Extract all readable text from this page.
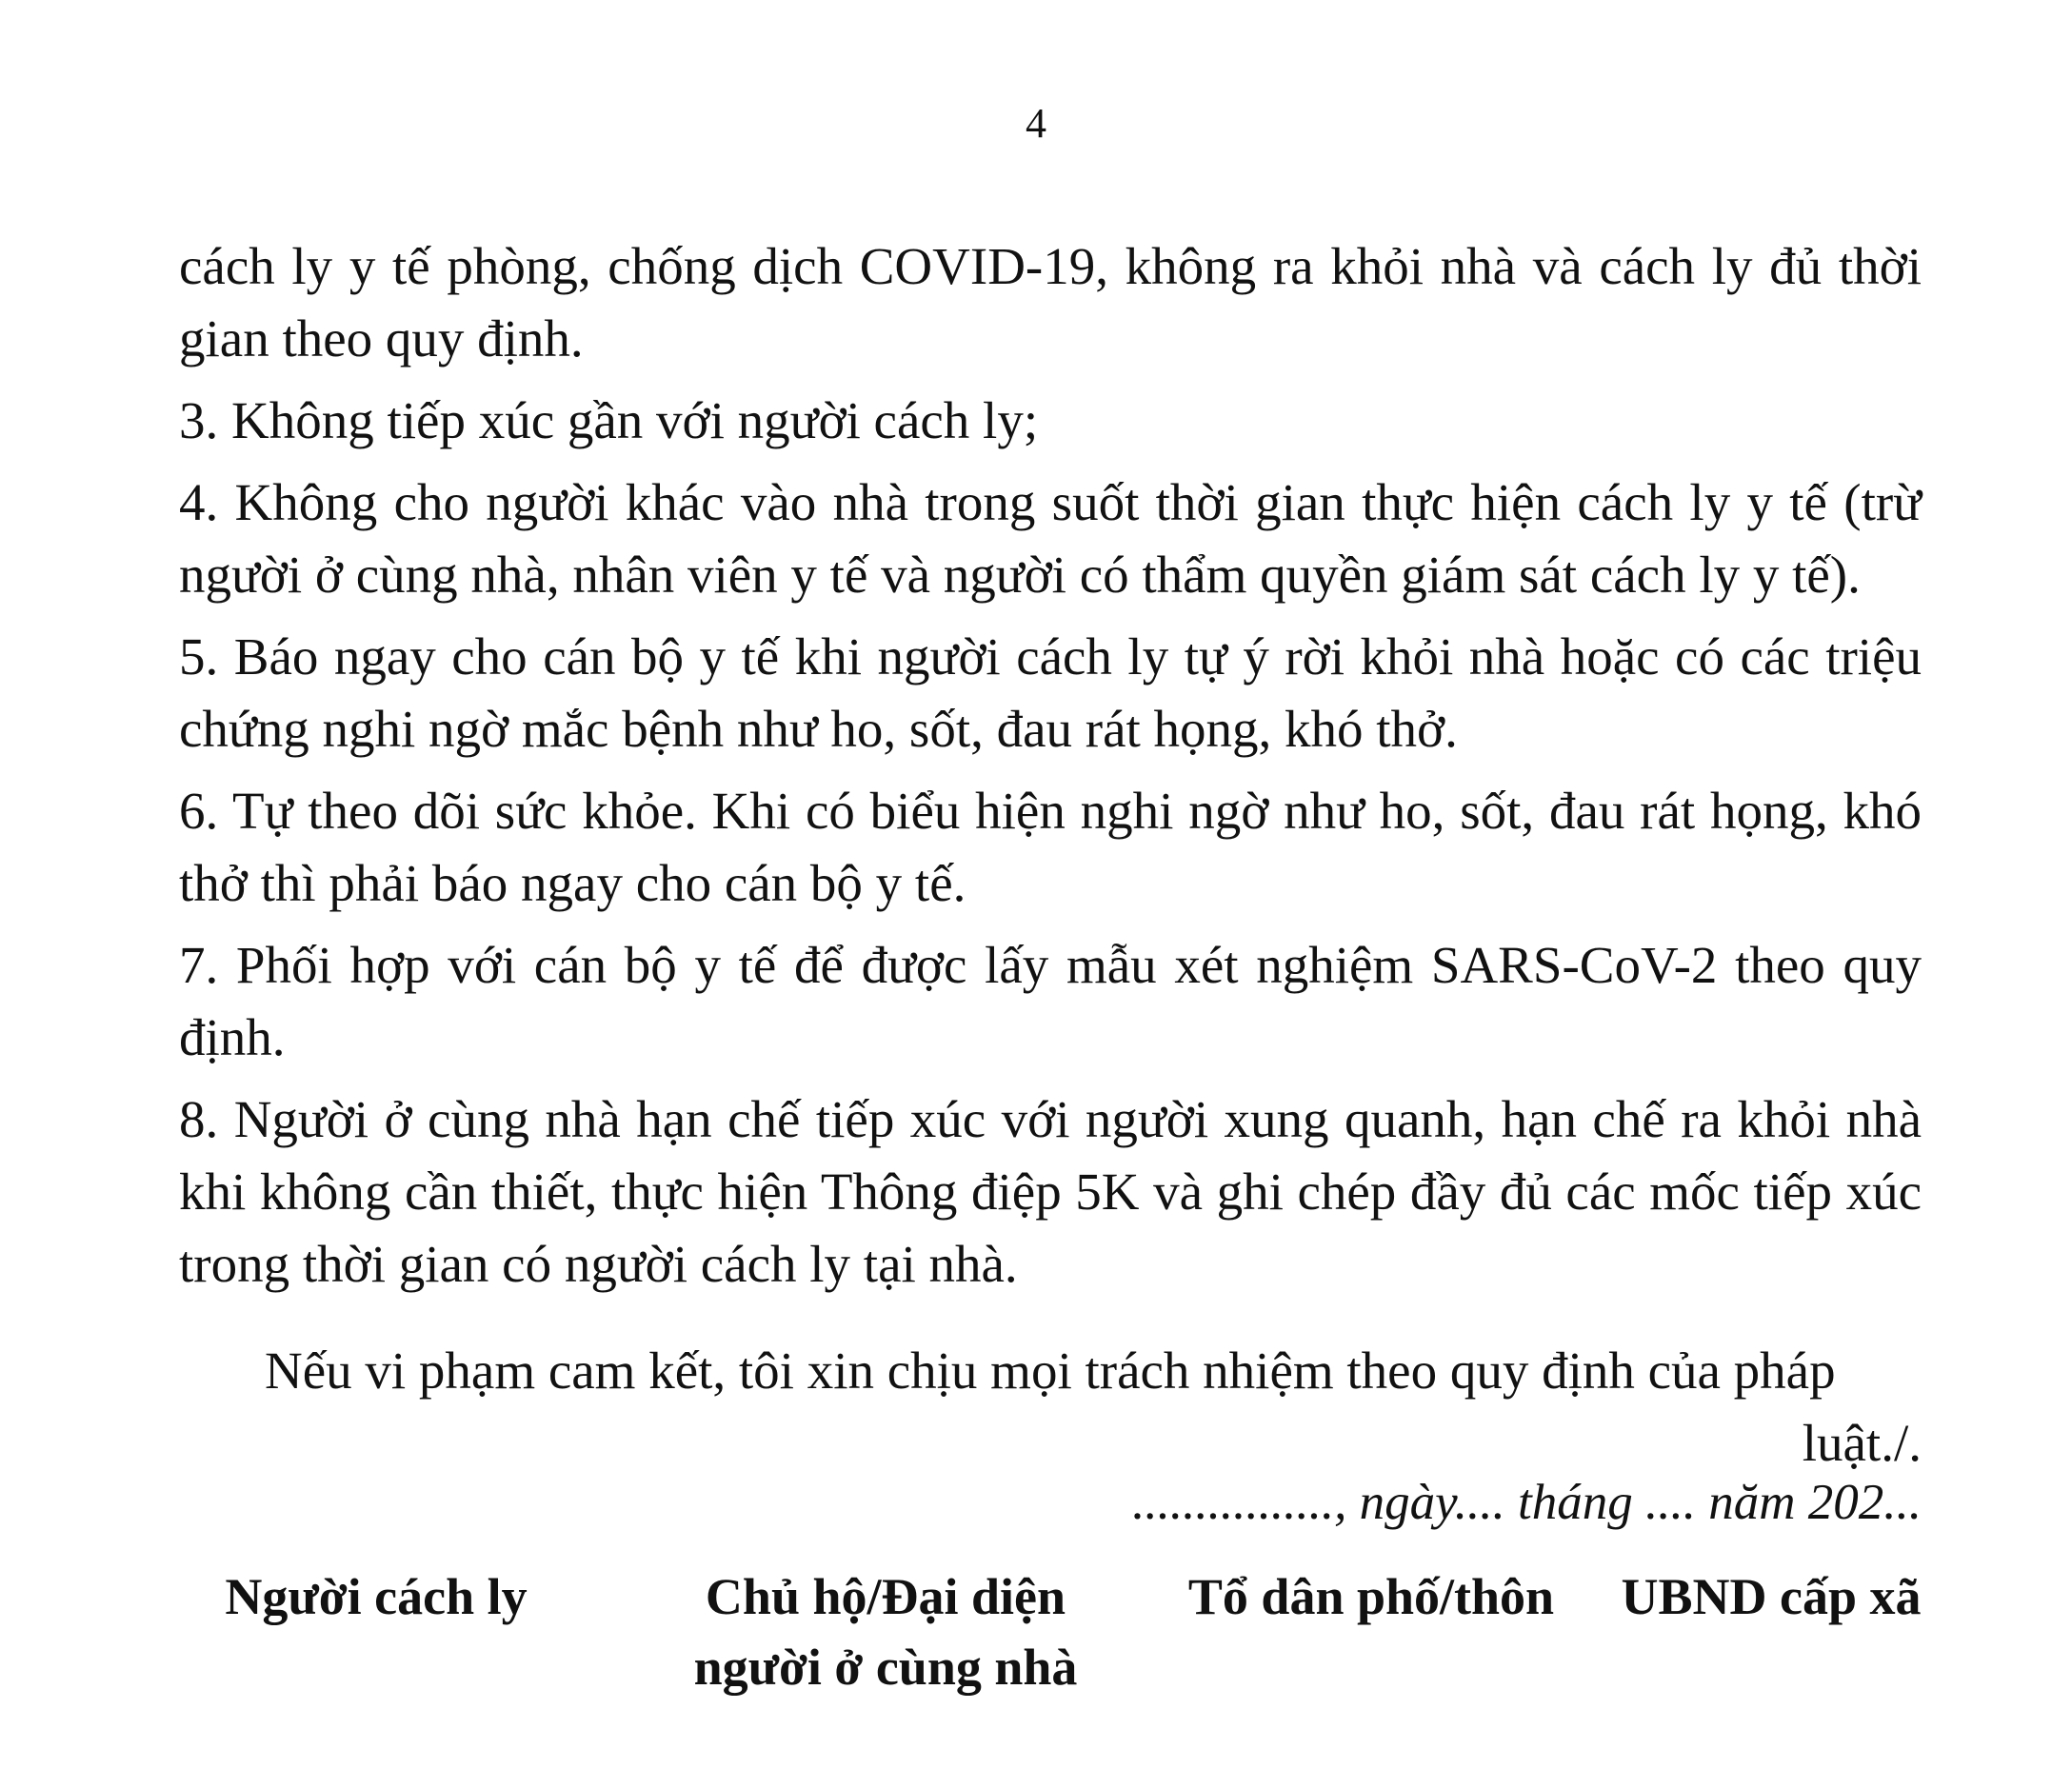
4

cách ly y tế phòng, chống dịch COVID-19, không ra khỏi nhà và cách ly đủ thời gian theo quy định.

3. Không tiếp xúc gần với người cách ly;

4. Không cho người khác vào nhà trong suốt thời gian thực hiện cách ly y tế (trừ người ở cùng nhà, nhân viên y tế và người có thẩm quyền giám sát cách ly y tế).

5. Báo ngay cho cán bộ y tế khi người cách ly tự ý rời khỏi nhà hoặc có các triệu chứng nghi ngờ mắc bệnh như ho, sốt, đau rát họng, khó thở.

6. Tự theo dõi sức khỏe. Khi có biểu hiện nghi ngờ như ho, sốt, đau rát họng, khó thở thì phải báo ngay cho cán bộ y tế.

7. Phối hợp với cán bộ y tế để được lấy mẫu xét nghiệm SARS-CoV-2 theo quy định.

8. Người ở cùng nhà hạn chế tiếp xúc với người xung quanh, hạn chế ra khỏi nhà khi không cần thiết, thực hiện Thông điệp 5K và ghi chép đầy đủ các mốc tiếp xúc trong thời gian có người cách ly tại nhà.

Nếu vi phạm cam kết, tôi xin chịu mọi trách nhiệm theo quy định của pháp
luật./.
................, ngày.... tháng .... năm 202...
Người cách ly	Chủ hộ/Đại diện
người ở cùng nhà
Tổ dân phố/thôn	UBND cấp xã
